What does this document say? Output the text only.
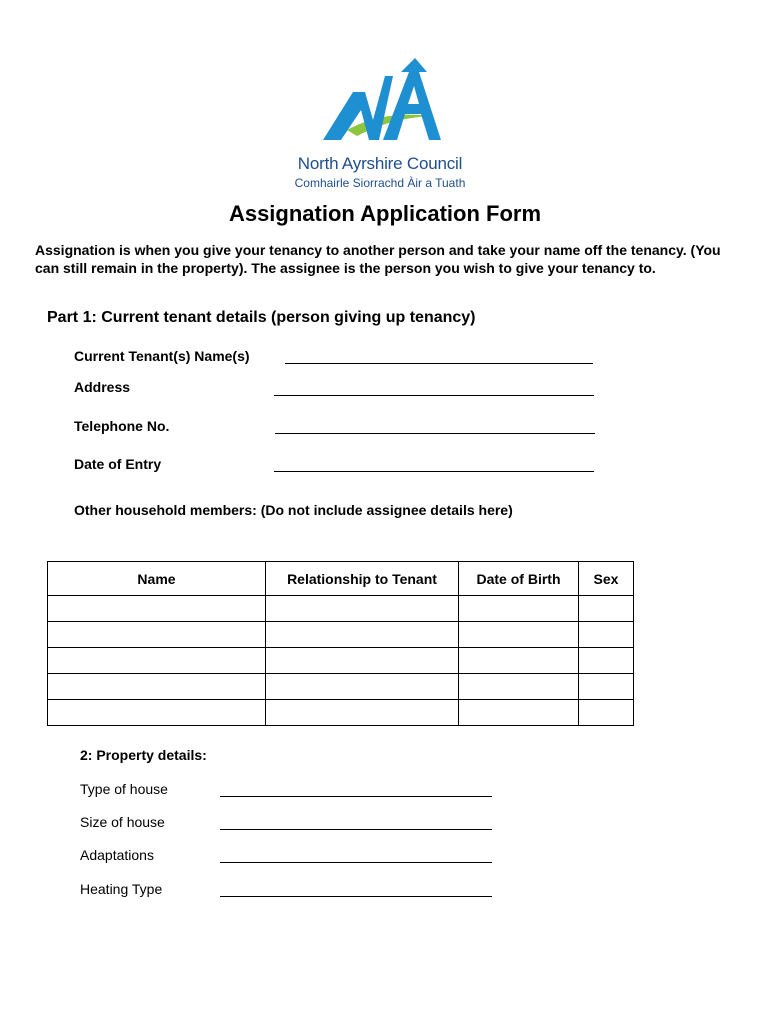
North Ayrshire Council
Comhairle Siorrachd Àir a Tuath
Assignation Application Form
Assignation is when you give your tenancy to another person and take your name off the tenancy. (You can still remain in the property). The assignee is the person you wish to give your tenancy to.
Part 1: Current tenant details (person giving up tenancy)
Current Tenant(s) Name(s)
Address
Telephone No.
Date of Entry
Other household members: (Do not include assignee details here)
Name	Relationship to Tenant	Date of Birth	Sex

2: Property details:
Type of house
Size of house
Adaptations
Heating Type
